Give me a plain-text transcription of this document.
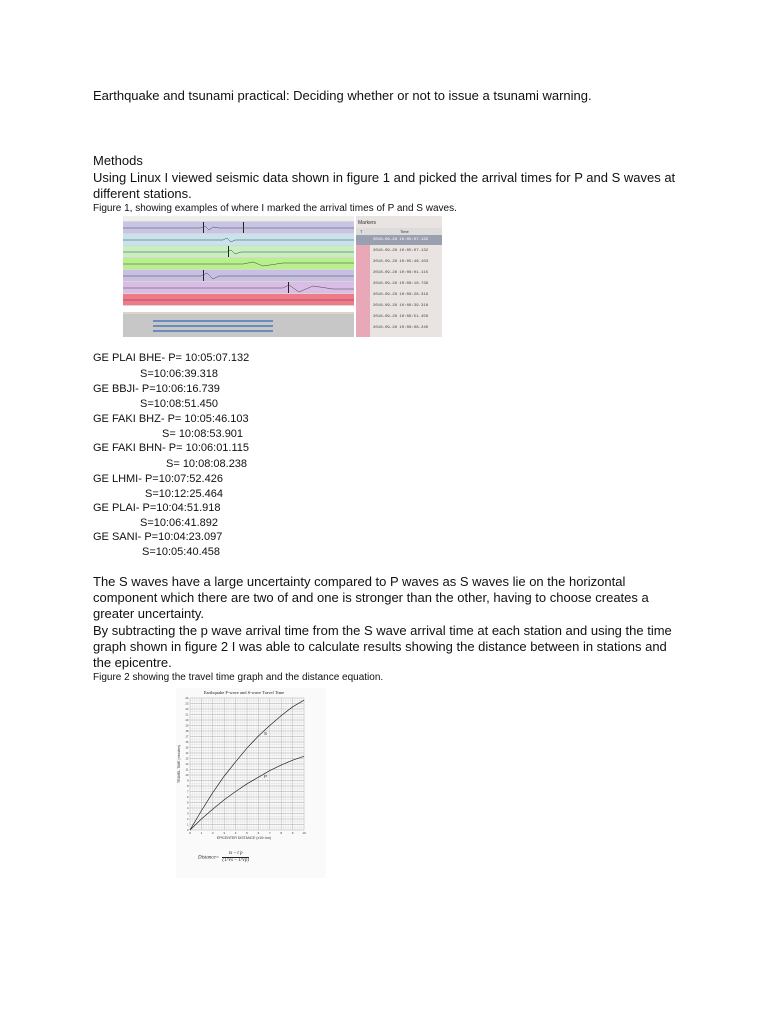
Earthquake and tsunami practical: Deciding whether or not to issue a tsunami warning.
Methods
Using Linux I viewed seismic data shown in figure 1 and picked the arrival times for P and S waves at
different stations.
Figure 1, showing examples of where I marked the arrival times of P and S waves.
Markers
T	Time
2018-09-28 10:05:07.132
2018-09-28 10:05:07.132
2018-09-28 10:05:46.103
2018-09-28 10:06:01.115
2018-09-28 10:06:16.739
2018-09-28 10:06:28.319
2018-09-28 10:06:39.318
2018-09-28 10:06:51.450
2018-09-28 10:08:08.240
GE PLAI BHE- P= 10:05:07.132
S=10:06:39.318
GE BBJI- P=10:06:16.739
S=10:08:51.450
GE FAKI BHZ- P= 10:05:46.103
S= 10:08:53.901
GE FAKI BHN- P= 10:06:01.115
S= 10:08:08.238
GE LHMI- P=10:07:52.426
S=10:12:25.464
GE PLAI- P=10:04:51.918
S=10:06:41.892
GE SANI- P=10:04:23.097
S=10:05:40.458
The S waves have a large uncertainty compared to P waves as S waves lie on the horizontal
component which there are two of and one is stronger than the other, having to choose creates a
greater uncertainty.
By subtracting the p wave arrival time from the S wave arrival time at each station and using the time
graph shown in figure 2 I was able to calculate results showing the distance between in stations and
the epicentre.
Figure 2 showing the travel time graph and the distance equation.
Earthquake P-wave and S-wave Travel Time
TRAVEL TIME (minutes)
EPICENTER DISTANCE (x10³ km)
0	1	2	3	4	5	6	7	8	9	10
0
1
2
3
4
5
6
7
8
9
10
11
12
13
14
15
16
17
18
19
20
21
22
23
24
S
P
Distance= $\frac{\text{ts – t p}}{(1/Vs - 1/Vp)}$
